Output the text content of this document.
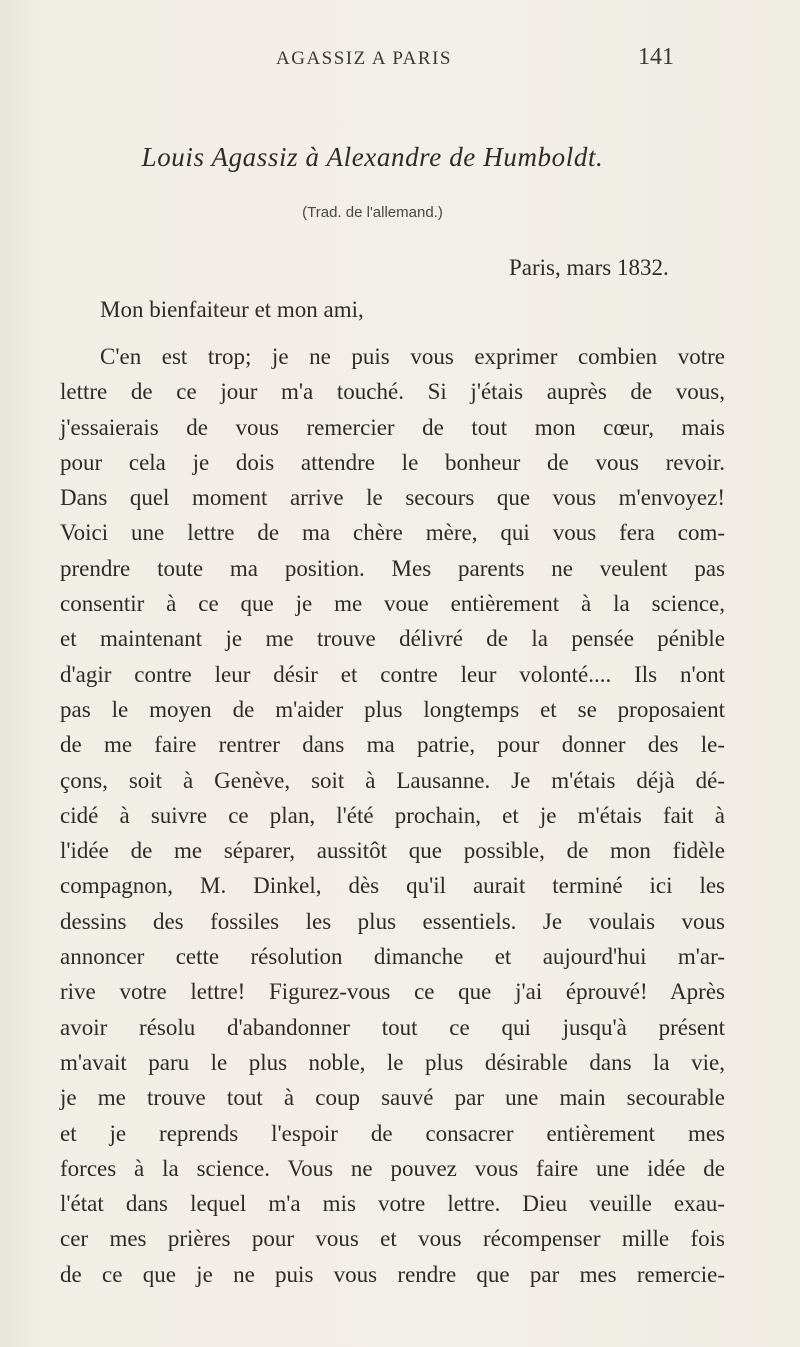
AGASSIZ A PARIS	141
Louis Agassiz à Alexandre de Humboldt.
(Trad. de l'allemand.)
Paris, mars 1832.
Mon bienfaiteur et mon ami,
C'en est trop; je ne puis vous exprimer combien votre
lettre de ce jour m'a touché. Si j'étais auprès de vous,
j'essaierais de vous remercier de tout mon cœur, mais
pour cela je dois attendre le bonheur de vous revoir.
Dans quel moment arrive le secours que vous m'envoyez!
Voici une lettre de ma chère mère, qui vous fera com-
prendre toute ma position. Mes parents ne veulent pas
consentir à ce que je me voue entièrement à la science,
et maintenant je me trouve délivré de la pensée pénible
d'agir contre leur désir et contre leur volonté.... Ils n'ont
pas le moyen de m'aider plus longtemps et se proposaient
de me faire rentrer dans ma patrie, pour donner des le-
çons, soit à Genève, soit à Lausanne. Je m'étais déjà dé-
cidé à suivre ce plan, l'été prochain, et je m'étais fait à
l'idée de me séparer, aussitôt que possible, de mon fidèle
compagnon, M. Dinkel, dès qu'il aurait terminé ici les
dessins des fossiles les plus essentiels. Je voulais vous
annoncer cette résolution dimanche et aujourd'hui m'ar-
rive votre lettre! Figurez-vous ce que j'ai éprouvé! Après
avoir résolu d'abandonner tout ce qui jusqu'à présent
m'avait paru le plus noble, le plus désirable dans la vie,
je me trouve tout à coup sauvé par une main secourable
et je reprends l'espoir de consacrer entièrement mes
forces à la science. Vous ne pouvez vous faire une idée de
l'état dans lequel m'a mis votre lettre. Dieu veuille exau-
cer mes prières pour vous et vous récompenser mille fois
de ce que je ne puis vous rendre que par mes remercie-
